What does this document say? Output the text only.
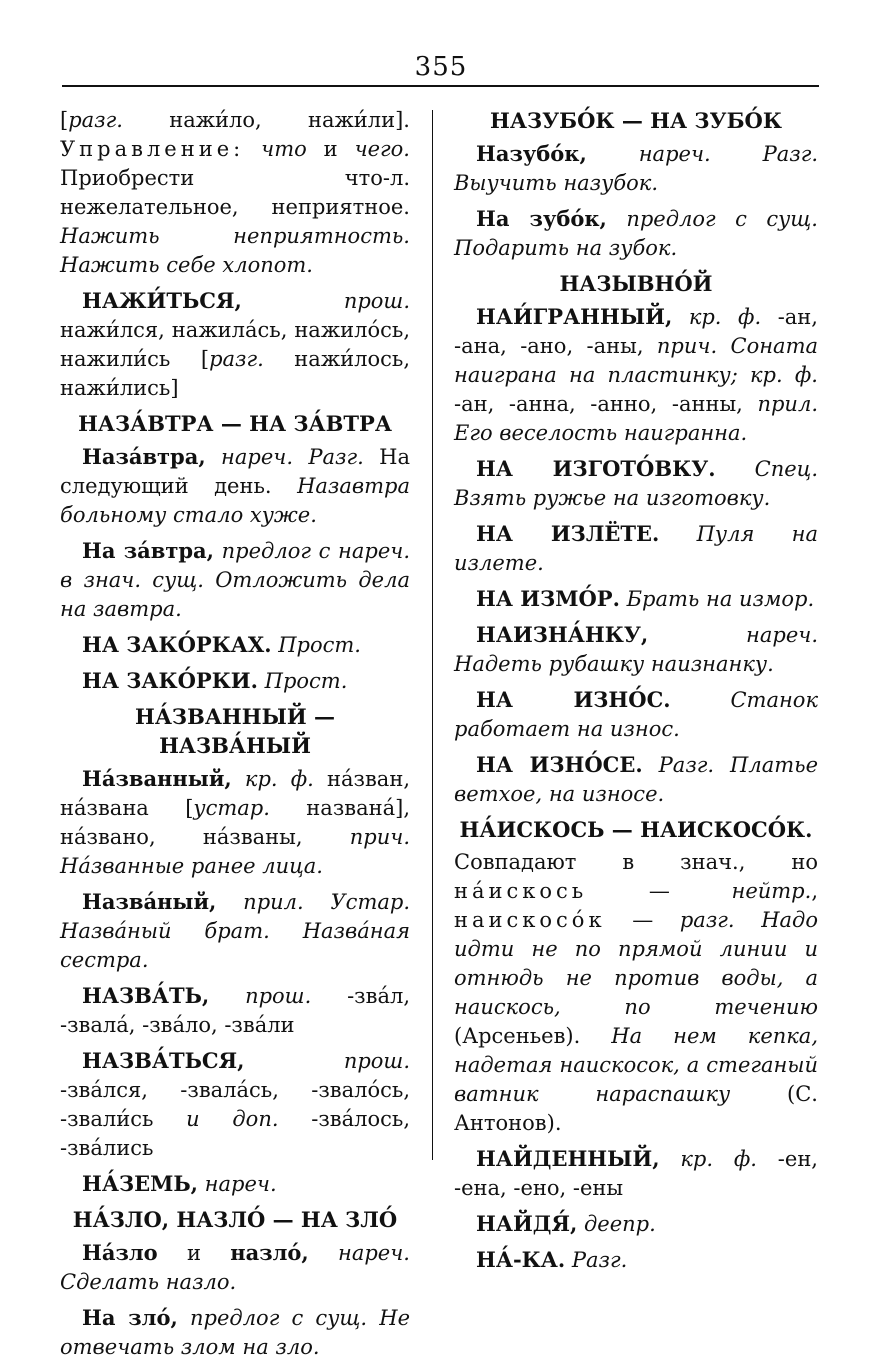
355

[разг. нажи́ло, нажи́ли]. Управление: что и чего. Приобрести что-л. нежелательное, неприятное. Нажить неприятность. Нажить себе хлопот.

НАЖИ́ТЬСЯ,	прош. нажи́лся, нажила́сь, нажило́сь, нажили́сь [разг. нажи́лось, нажи́лись]

НАЗА́ВТРА — НА ЗА́ВТРА

Наза́втра, нареч. Разг. На следующий день. Назавтра больному стало хуже.

На за́втра, предлог с нареч. в знач. сущ. Отложить дела на завтра.

НА ЗАКО́РКАХ. Прост.

НА ЗАКО́РКИ. Прост.

НА́ЗВАННЫЙ — НАЗВА́НЫЙ

На́званный, кр. ф. на́зван, на́звана [устар. названа́], на́звано, на́званы, прич. На́званные ранее лица.

Назва́ный, прил. Устар. Назва́ный брат. Назва́ная сестра.

НАЗВА́ТЬ, прош. -зва́л, -звала́, -зва́ло, -зва́ли

НАЗВА́ТЬСЯ,	прош. -зва́лся, -звала́сь, -звало́сь, -звали́сь и доп. -зва́лось, -зва́лись

НА́ЗЕМЬ, нареч.

НА́ЗЛО, НАЗЛО́ — НА ЗЛО́

На́зло и назло́, нареч. Сделать назло.

На зло́, предлог с сущ. Не отвечать злом на зло.

НАЗУБО́К — НА ЗУБО́К

Назубо́к, нареч. Разг. Выучить назубок.

На зубо́к, предлог с сущ. Подарить на зубок.

НАЗЫВНО́Й

НАИ́ГРАННЫЙ, кр. ф. -ан, -ана, -ано, -аны, прич. Соната наиграна на пластинку; кр. ф. -ан, -анна, -анно, -анны, прил. Его веселость наигранна.

НА ИЗГОТО́ВКУ. Спец. Взять ружье на изготовку.

НА ИЗЛЁТЕ. Пуля на излете.

НА ИЗМО́Р. Брать на измор.

НАИЗНА́НКУ,	нареч. Надеть рубашку наизнанку.

НА ИЗНО́С.	Станок работает на износ.

НА ИЗНО́СЕ. Разг. Платье ветхое, на износе.

НА́ИСКОСЬ — НАИСКОСО́К.

Совпадают в знач., но на́искось — нейтр., наискосо́к — разг. Надо идти не по прямой линии и отнюдь не против воды, а наискось, по течению (Арсеньев). На нем кепка, надетая наискосок, а стеганый ватник нараспашку (С. Антонов).

НАЙДЕННЫЙ, кр. ф. -ен, -ена, -ено, -ены

НАЙДЯ́, деепр.

НА́-КА. Разг.
